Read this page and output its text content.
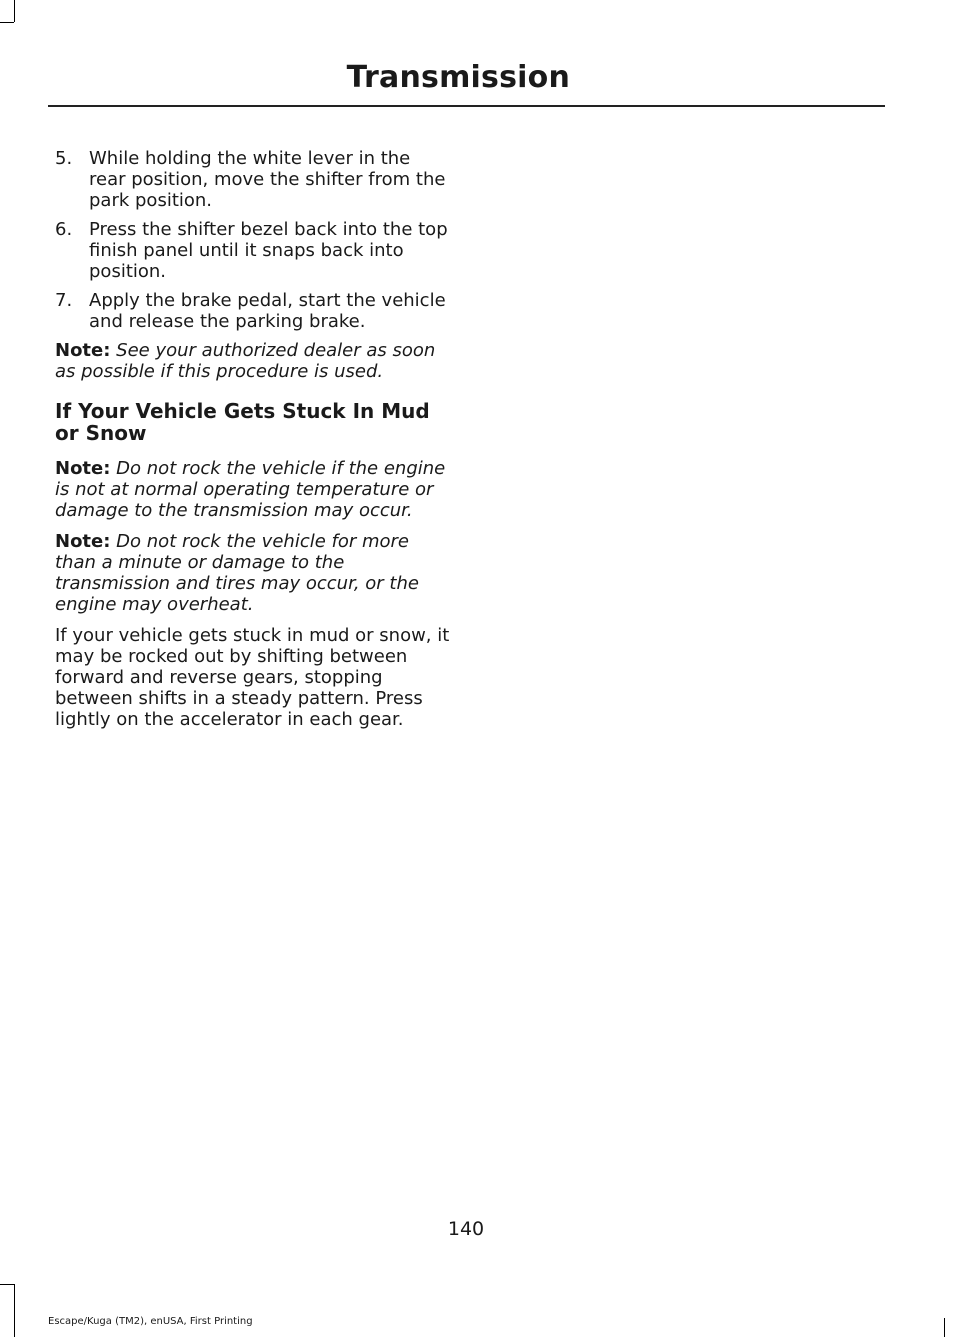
Transmission
5. While holding the white lever in the rear position, move the shifter from the park position.
6. Press the shifter bezel back into the top finish panel until it snaps back into position.
7. Apply the brake pedal, start the vehicle and release the parking brake.

Note: See your authorized dealer as soon as possible if this procedure is used.

If Your Vehicle Gets Stuck In Mud or Snow

Note: Do not rock the vehicle if the engine is not at normal operating temperature or damage to the transmission may occur.

Note: Do not rock the vehicle for more than a minute or damage to the transmission and tires may occur, or the engine may overheat.

If your vehicle gets stuck in mud or snow, it may be rocked out by shifting between forward and reverse gears, stopping between shifts in a steady pattern. Press lightly on the accelerator in each gear.

140
Escape/Kuga (TM2), enUSA, First Printing
